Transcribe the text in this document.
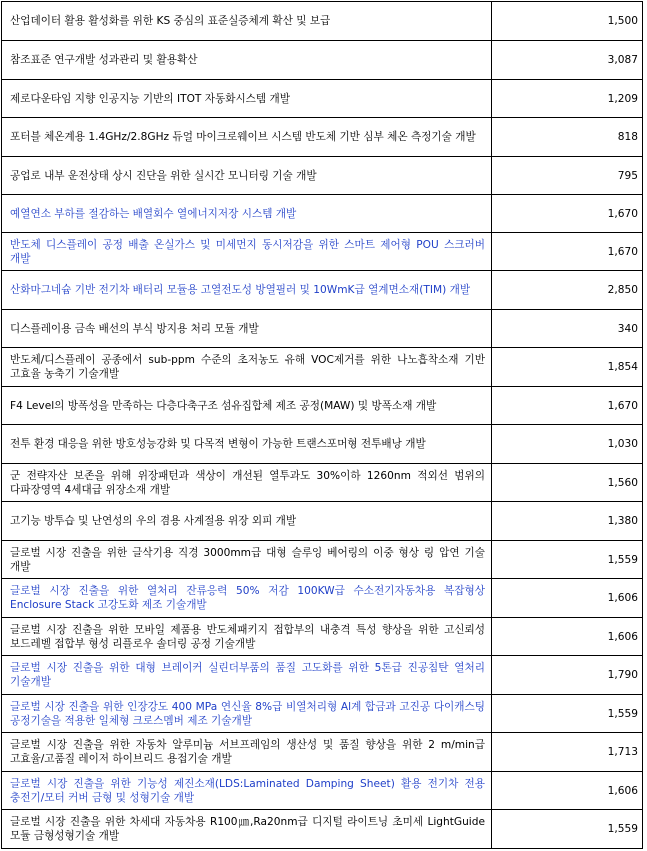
산업데이터 활용 활성화를 위한 KS 중심의 표준실증체계 확산 및 보급	1,500
참조표준 연구개발 성과관리 및 활용확산	3,087
제로다운타임 지향 인공지능 기반의 ITOT 자동화시스템 개발	1,209
포터블 체온계용 1.4GHz/2.8GHz 듀얼 마이크로웨이브 시스템 반도체 기반 심부 체온 측정기술 개발	818
공업로 내부 운전상태 상시 진단을 위한 실시간 모니터링 기술 개발	795
예열연소 부하를 절감하는 배열회수 열에너지저장 시스템 개발	1,670
반도체 디스플레이 공정 배출 온실가스 및 미세먼지 동시저감을 위한 스마트 제어형 POU 스크러버 개발	1,670
산화마그네슘 기반 전기차 배터리 모듈용 고열전도성 방열필러 및 10WmK급 열계면소재(TIM) 개발	2,850
디스플레이용 금속 배선의 부식 방지용 처리 모듈 개발	340
반도체/디스플레이 공종에서 sub-ppm 수준의 초저농도 유해 VOC제거를 위한 나노흡착소재 기반 고효율 농축기 기술개발	1,854
F4 Level의 방폭성을 만족하는 다층다축구조 섬유집합체 제조 공정(MAW) 및 방폭소재 개발	1,670
전투 환경 대응을 위한 방호성능강화 및 다목적 변형이 가능한 트랜스포머형 전투배낭 개발	1,030
군 전략자산 보존을 위해 위장패턴과 색상이 개선된 열투과도 30%이하 1260nm 적외선 범위의 다파장영역 4세대급 위장소재 개발	1,560
고기능 방투습 및 난연성의 우의 겸용 사계절용 위장 외피 개발	1,380
글로벌 시장 진출을 위한 글삭기용 직경 3000mm급 대형 슬루잉 베어링의 이중 형상 링 압연 기술 개발	1,559
글로벌 시장 진출을 위한 열처리 잔류응력 50% 저감 100KW급 수소전기자동차용 복잡형상 Enclosure Stack 고강도화 제조 기술개발	1,606
글로벌 시장 진출을 위한 모바일 제품용 반도체패키지 접합부의 내충격 특성 향상을 위한 고신뢰성 보드레벨 접합부 형성 리플로우 솔더링 공정 기술개발	1,606
글로벌 시장 진출을 위한 대형 브레이커 실린더부품의 품질 고도화를 위한 5톤급 진공침탄 열처리 기술개발	1,790
글로벌 시장 진출을 위한 인장강도 400 MPa 연신율 8%급 비열처리형 Al계 합금과 고진공 다이캐스팅 공정기술을 적용한 일체형 크로스멤버 제조 기술개발	1,559
글로벌 시장 진출을 위한 자동차 알루미늄 서브프레임의 생산성 및 품질 향상을 위한 2 m/min급 고효율/고품질 레이저 하이브리드 용접기술 개발	1,713
글로벌 시장 진출을 위한 기능성 제진소재(LDS:Laminated Damping Sheet) 활용 전기차 전용 충전기/모터 커버 금형 및 성형기술 개발	1,606
글로벌 시장 진출을 위한 차세대 자동차용 R100㎛,Ra20nm급 디지털 라이트닝 초미세 LightGuide 모듈 금형성형기술 개발	1,559
